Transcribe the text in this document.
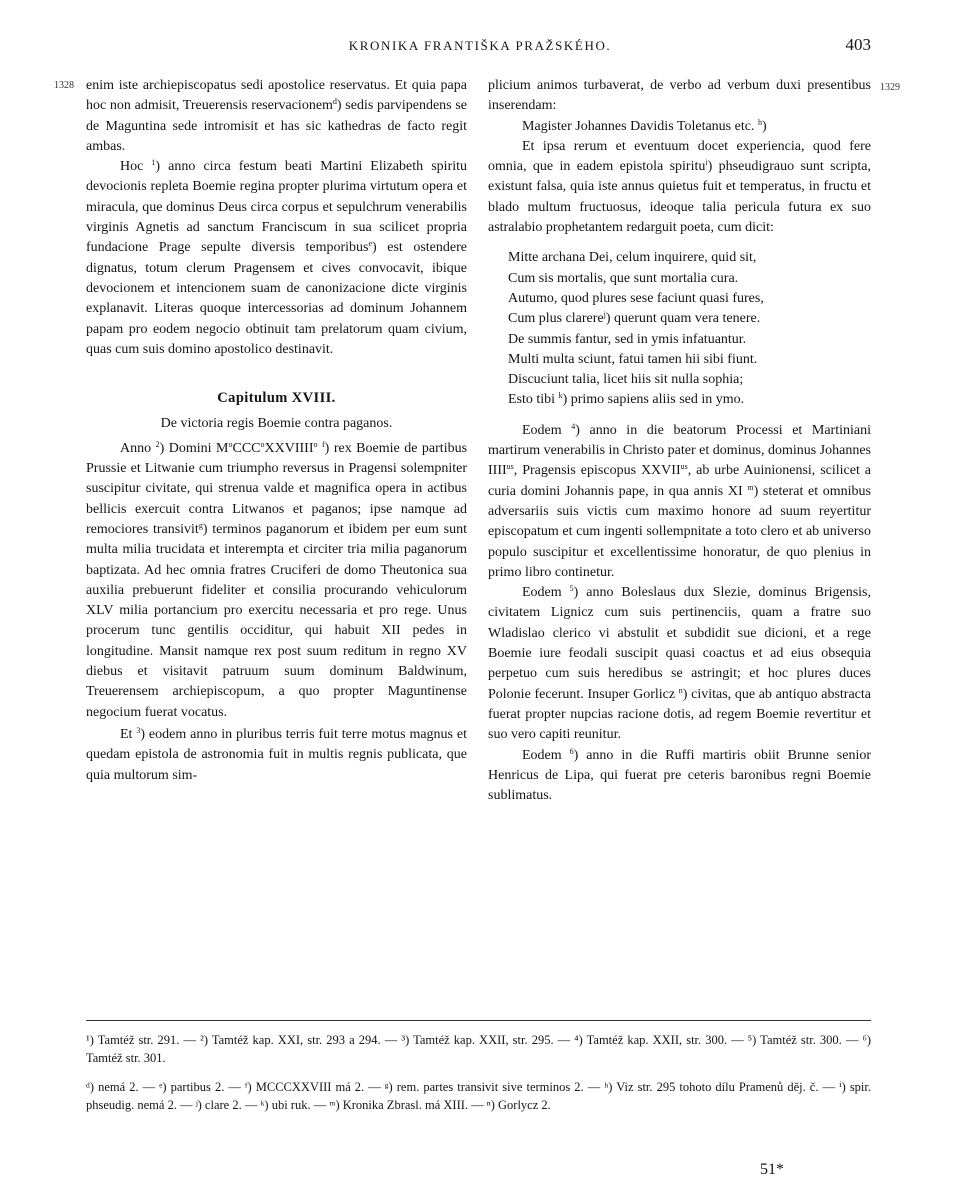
KRONIKA FRANTIŠKA PRAŽSKÉHO.	403
1328	1329

enim iste archiepiscopatus sedi apostolice reservatus. Et quia papa hoc non admisit, Treuerensis reservacionem$^d$) sedis parvipendens se de Maguntina sede intromisit et has sic kathedras de facto regit ambas.

Hoc $^1$) anno circa festum beati Martini Elizabeth spiritu devocionis repleta Boemie regina propter plurima virtutum opera et miracula, que dominus Deus circa corpus et sepulchrum venerabilis virginis Agnetis ad sanctum Franciscum in sua scilicet propria fundacione Prage sepulte diversis temporibus$^e$) est ostendere dignatus, totum clerum Pragensem et cives convocavit, ibique devocionem et intencionem suam de canonizacione dicte virginis explanavit. Literas quoque intercessorias ad dominum Johannem papam pro eodem negocio obtinuit tam prelatorum quam civium, quas cum suis domino apostolico destinavit.

Capitulum XVIII.

De victoria regis Boemie contra paganos.

Anno $^2$) Domini $M^oCCC^oXXVIIII^o$ $^f$) rex Boemie de partibus Prussie et Litwanie cum triumpho reversus in Pragensi solempniter suscipitur civitate, qui strenua valde et magnifica opera in actibus bellicis exercuit contra Litwanos et paganos; ipse namque ad remociores transivit$^g$) terminos paganorum et ibidem per eum sunt multa milia trucidata et interempta et circiter tria milia paganorum baptizata. Ad hec omnia fratres Cruciferi de domo Theutonica sua auxilia prebuerunt fideliter et consilia procurando vehiculorum XLV milia portancium pro exercitu necessaria et pro rege. Unus procerum tunc gentilis occiditur, qui habuit XII pedes in longitudine. Mansit namque rex post suum reditum in regno XV diebus et visitavit patruum suum dominum Baldwinum, Treuerensem archiepiscopum, a quo propter Maguntinense negocium fuerat vocatus.

Et $^3$) eodem anno in pluribus terris fuit terre motus magnus et quedam epistola de astronomia fuit in multis regnis publicata, que quia multorum sim-

plicium animos turbaverat, de verbo ad verbum duxi presentibus inserendam:

Magister Johannes Davidis Toletanus etc. $^h$)

Et ipsa rerum et eventuum docet experiencia, quod fere omnia, que in eadem epistola spiritu$^i$) phseudigrauo sunt scripta, existunt falsa, quia iste annus quietus fuit et temperatus, in fructu et blado multum fructuosus, ideoque talia pericula futura ex suo astralabio prophetantem redarguit poeta, cum dicit:

Mitte archana Dei, celum inquirere, quid sit,
Cum sis mortalis, que sunt mortalia cura.
Autumo, quod plures sese faciunt quasi fures,
Cum plus clarere$^j$) querunt quam vera tenere.
De summis fantur, sed in ymis infatuantur.
Multi multa sciunt, fatui tamen hii sibi fiunt.
Discuciunt talia, licet hiis sit nulla sophia;
Esto tibi $^k$) primo sapiens aliis sed in ymo.

Eodem $^4$) anno in die beatorum Processi et Martiniani martirum venerabilis in Christo pater et dominus, dominus Johannes $IIII^{us}$, Pragensis episcopus $XXVII^{us}$, ab urbe Auinionensi, scilicet a curia domini Johannis pape, in qua annis XI $^m$) steterat et omnibus adversariis suis victis cum maximo honore ad suum reyertitur episcopatum et cum ingenti sollempnitate a toto clero et ab universo populo suscipitur et excellentissime honoratur, de quo plenius in primo libro continetur.

Eodem $^5$) anno Boleslaus dux Slezie, dominus Brigensis, civitatem Lignicz cum suis pertinenciis, quam a fratre suo Wladislao clerico vi abstulit et subdidit sue dicioni, et a rege Boemie iure feodali suscipit quasi coactus et ad eius obsequia perpetuo cum suis heredibus se astringit; et hoc plures duces Polonie fecerunt. Insuper Gorlicz $^n$) civitas, que ab antiquo abstracta fuerat propter nupcias racione dotis, ad regem Boemie revertitur et suo vero capiti reunitur.

Eodem $^6$) anno in die Ruffi martiris obiit Brunne senior Henricus de Lipa, qui fuerat pre ceteris baronibus regni Boemie sublimatus.

¹) Tamtéž str. 291. — ²) Tamtéž kap. XXI, str. 293 a 294. — ³) Tamtéž kap. XXII, str. 295. — ⁴) Tamtéž kap. XXII, str. 300. — ⁵) Tamtéž str. 300. — ⁶) Tamtéž str. 301.

ᵈ) nemá 2. — ᵉ) partibus 2. — ᶠ) MCCCXXVIII má 2. — ᵍ) rem. partes transivit sive terminos 2. — ʰ) Viz str. 295 tohoto dílu Pramenů děj. č. — ⁱ) spir. phseudig. nemá 2. — ʲ) clare 2. — ᵏ) ubi ruk. — ᵐ) Kronika Zbrasl. má XIII. — ⁿ) Gorlycz 2.

51*
